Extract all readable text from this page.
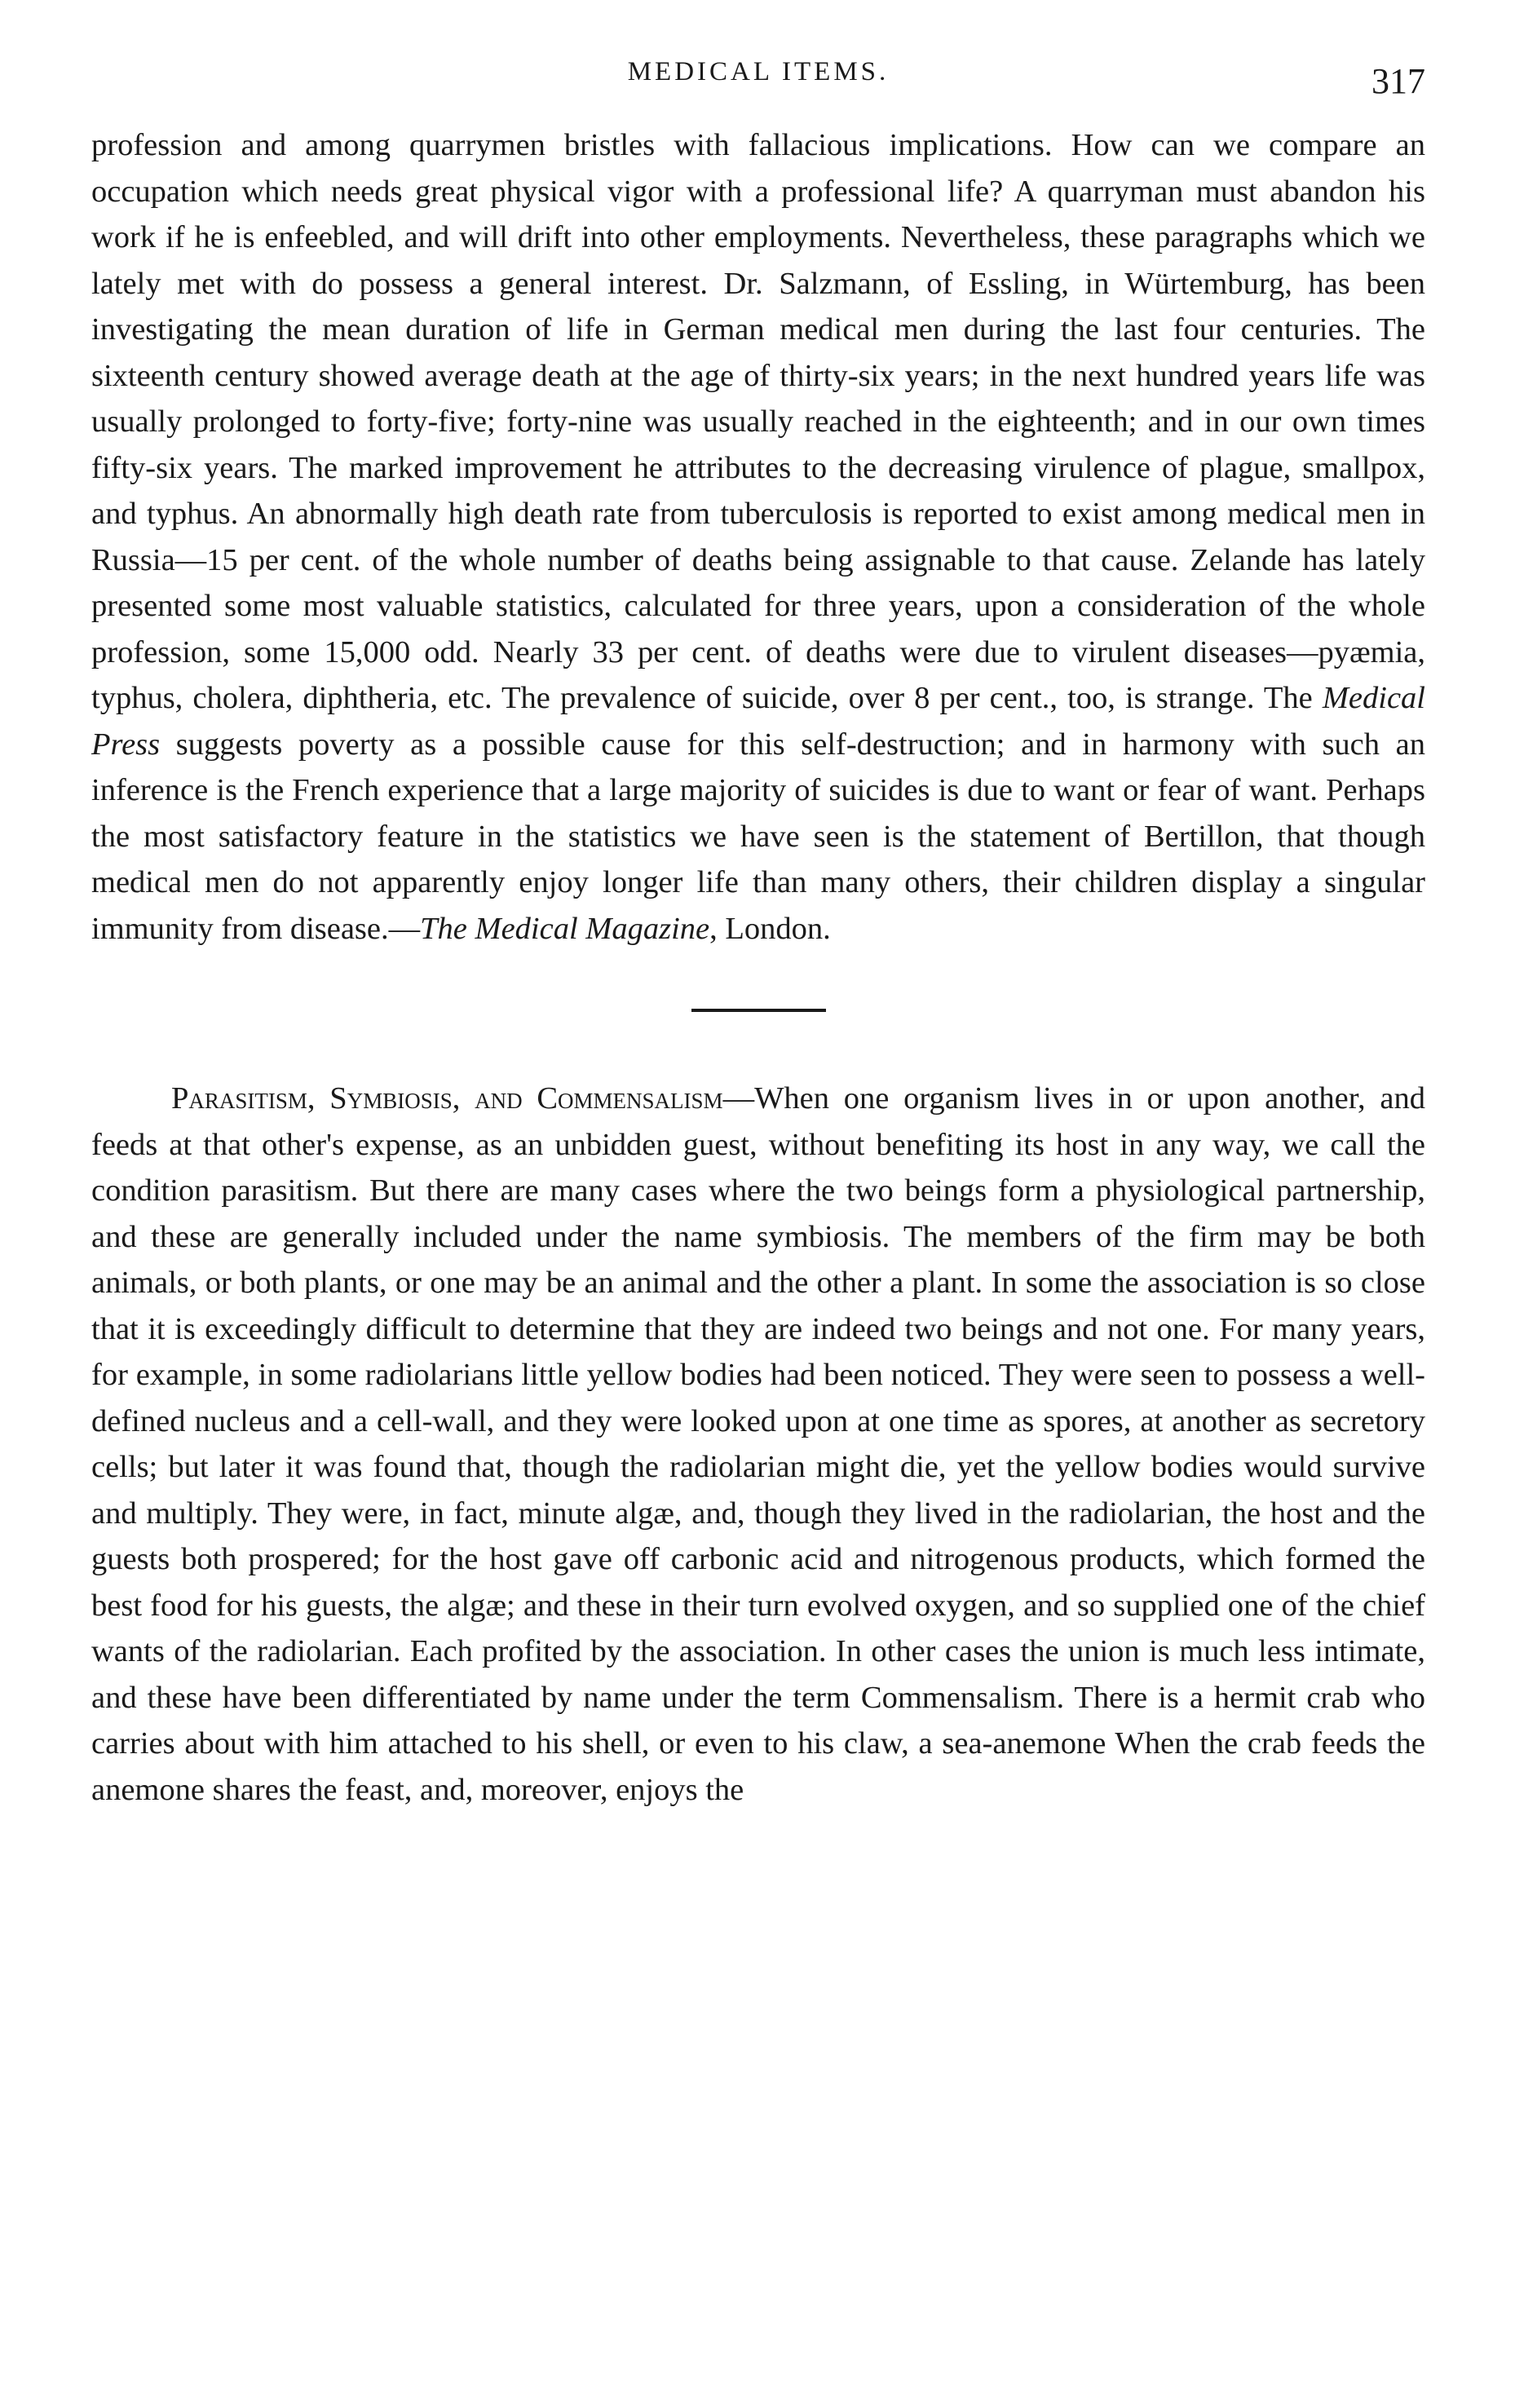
MEDICAL ITEMS.	317

profession and among quarrymen bristles with fallacious implications. How can we compare an occupation which needs great physical vigor with a professional life? A quarryman must abandon his work if he is enfeebled, and will drift into other employments. Nevertheless, these paragraphs which we lately met with do possess a general interest. Dr. Salzmann, of Essling, in Würtemburg, has been investigating the mean duration of life in German medical men during the last four centuries. The sixteenth century showed average death at the age of thirty-six years; in the next hundred years life was usually prolonged to forty-five; forty-nine was usually reached in the eighteenth; and in our own times fifty-six years. The marked improvement he attributes to the decreasing virulence of plague, smallpox, and typhus. An abnormally high death rate from tuberculosis is reported to exist among medical men in Russia—15 per cent. of the whole number of deaths being assignable to that cause. Zelande has lately presented some most valuable statistics, calculated for three years, upon a consideration of the whole profession, some 15,000 odd. Nearly 33 per cent. of deaths were due to virulent diseases—pyæmia, typhus, cholera, diphtheria, etc. The prevalence of suicide, over 8 per cent., too, is strange. The Medical Press suggests poverty as a possible cause for this self-destruction; and in harmony with such an inference is the French experience that a large majority of suicides is due to want or fear of want. Perhaps the most satisfactory feature in the statistics we have seen is the statement of Bertillon, that though medical men do not apparently enjoy longer life than many others, their children display a singular immunity from disease.—The Medical Magazine, London.

Parasitism, Symbiosis, and Commensalism—When one organism lives in or upon another, and feeds at that other's expense, as an unbidden guest, without benefiting its host in any way, we call the condition parasitism. But there are many cases where the two beings form a physiological partnership, and these are generally included under the name symbiosis. The members of the firm may be both animals, or both plants, or one may be an animal and the other a plant. In some the association is so close that it is exceedingly difficult to determine that they are indeed two beings and not one. For many years, for example, in some radiolarians little yellow bodies had been noticed. They were seen to possess a well-defined nucleus and a cell-wall, and they were looked upon at one time as spores, at another as secretory cells; but later it was found that, though the radiolarian might die, yet the yellow bodies would survive and multiply. They were, in fact, minute algæ, and, though they lived in the radiolarian, the host and the guests both prospered; for the host gave off carbonic acid and nitrogenous products, which formed the best food for his guests, the algæ; and these in their turn evolved oxygen, and so supplied one of the chief wants of the radiolarian. Each profited by the association. In other cases the union is much less intimate, and these have been differentiated by name under the term Commensalism. There is a hermit crab who carries about with him attached to his shell, or even to his claw, a sea-anemone When the crab feeds the anemone shares the feast, and, moreover, enjoys the
